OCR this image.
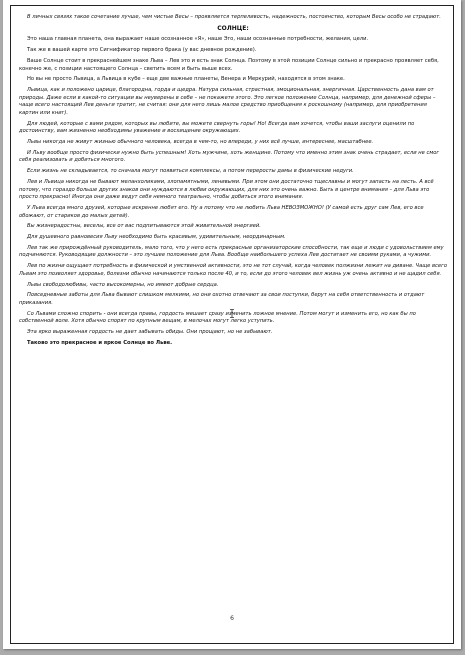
В личных связях такое сочетание лучше, чем чистые Весы – проявляется терпеливость, надежность, постоянство, которым Весы особо не страдают.

СОЛНЦЕ:

Это наша главная планета, она выражает наше осознанное «Я», наше Эго, наши осознанные потребности, желания, цели.

Так же в вашей карте это Сигнификатор первого брака (у вас дневное рождение).

Ваше Солнце стоит в прекраснейшем знаке Льва – Лев это и есть знак Солнца. Поэтому в этой позиции Солнце сильно и прекрасно проявляет себя, конечно же, с позиции настоящего Солнца – светить всем и быть выше всех.

Но вы не просто Львица, а Львица в кубе – еще две важные планеты, Венера и Меркурий, находятся в этом знаке.

Львица, как и положено царице, благородна, горда и щедра. Натура сильная, страстная, эмоциональная, энергичная. Царственность дана вам от природы. Даже если в какой-то ситуации вы неуверены в себе – не покажете этого. Это легкое положение Солнца, например, для денежной сферы – чаще всего настоящий Лев деньги тратит, не считая: они для него лишь малое средство приобщения к роскошному (например, для приобретения картин или книг).

Для людей, которые с вами рядом, которых вы любите, вы можете свернуть горы! Но! Всегда вам хочется, чтобы ваши заслуги оценили по достоинству, вам жизненно необходимы уважение и восхищение окружающих.

Львы никогда не живут жизнью обычного человека, всегда в чем-то, но впереди, у них всё лучше, интереснее, масштабнее.

И Льву вообще просто физически нужно быть успешным! Хоть мужчине, хоть женщине. Потому что именно этим знак очень страдает, если не смог себя реализовать и добиться многого.

Если жизнь не складывается, то сначала могут появиться комплексы, а потом переросты дамы в физические недуги.

Лев и Львица никогда не бывают меланхоликами, злопамятными, ленивыми. При этом они достаточно тщеславны и могут запасть на лесть. А всё потому, что гораздо больше других знаков они нуждаются в любви окружающих, для них это очень важно. Быть в центре внимания – для Льва это просто прекрасно! Иногда они даже ведут себя немного театрально, чтобы добиться этого внимания.

У Льва всегда много друзей, которые искренне любят его. Ну а потому что не любить Льва НЕВОЗМОЖНО! (У самой есть друг сам Лев, его все обожают, от стариков до малых детей).

Вы жизнерадостны, веселы, все от вас подпитываются этой живительной энергией.

Для душевного равновесия Льву необходимо быть красивым, удивительным, неординарным.

Лев так же прирождённый руководитель, мало того, что у него есть прекрасные организаторские способности, так еще и люди с удовольствием ему подчиняются. Руководящие должности – это лучшее положение для Льва. Вообще наибольшего успеха Лев достигает не своими руками, а чужими.

Лев по жизни ощущает потребность в физической и умственной активности, это не тот случай, когда человек полжизни лежит на диване. Чаще всего Львам это позволяет здоровье, болезни обычно начинаются только после 40, и то, если до этого человек вел жизнь уж очень активно и не щадил себя.

Львы свободолюбивы, часто высокомерны, но имеют добрые сердца.

Повседневные заботы для Льва бывают слишком мелкими, но они охотно отвечают за свои поступки, берут на себя ответственность и отдают приказания.

Со Львами сложно спорить - они всегда правы, гордость мешает сразу изменить ложное мнение. Потом могут и изменить его, но как бы по собственной воле. Хотя обычно спорят по крупным вещам, в мелочах могут легко уступить.

Эта ярко выраженная гордость не дает забывать обиды. Они прощают, но не забывают.

Таково это прекрасное и яркое Солнце во Льве.

6
